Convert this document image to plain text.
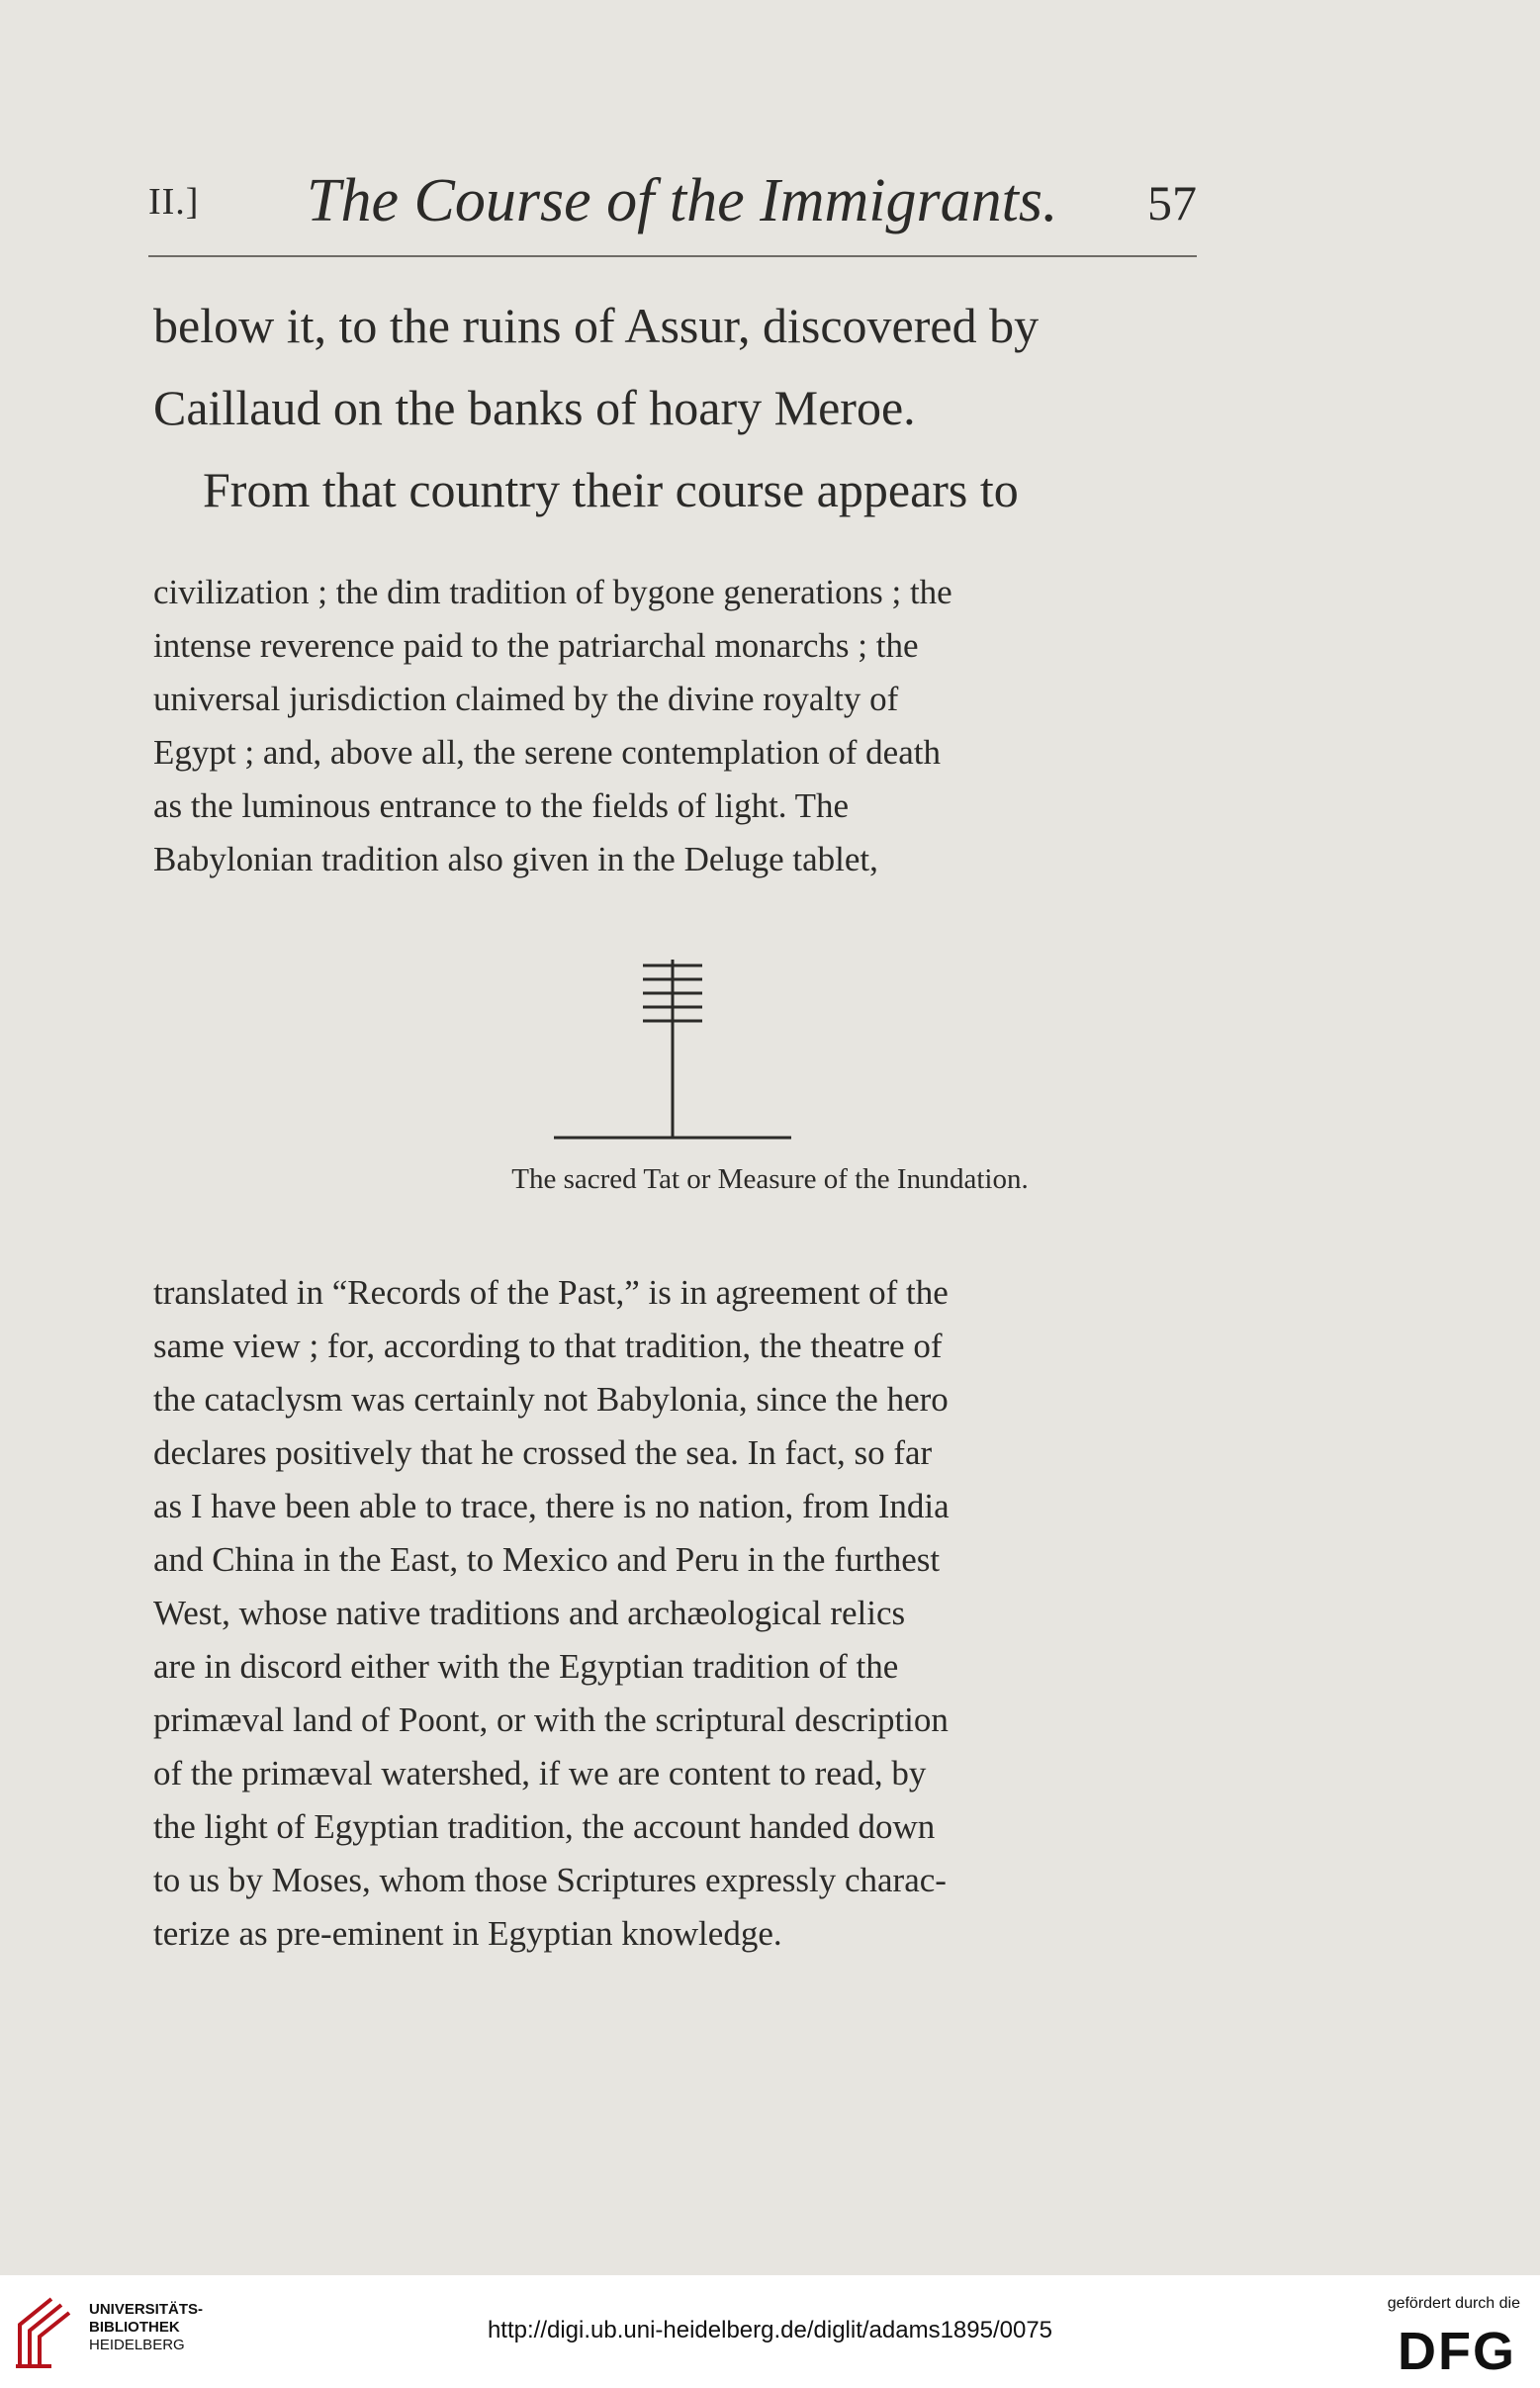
II.] The Course of the Immigrants. 57
below it, to the ruins of Assur, discovered by
Caillaud on the banks of hoary Meroe.
From that country their course appears to
civilization ; the dim tradition of bygone generations ; the
intense reverence paid to the patriarchal monarchs ; the
universal jurisdiction claimed by the divine royalty of
Egypt ; and, above all, the serene contemplation of death
as the luminous entrance to the fields of light. The
Babylonian tradition also given in the Deluge tablet,
The sacred Tat or Measure of the Inundation.
translated in “Records of the Past,” is in agreement of the
same view ; for, according to that tradition, the theatre of
the cataclysm was certainly not Babylonia, since the hero
declares positively that he crossed the sea. In fact, so far
as I have been able to trace, there is no nation, from India
and China in the East, to Mexico and Peru in the furthest
West, whose native traditions and archæological relics
are in discord either with the Egyptian tradition of the
primæval land of Poont, or with the scriptural description
of the primæval watershed, if we are content to read, by
the light of Egyptian tradition, the account handed down
to us by Moses, whom those Scriptures expressly charac-
terize as pre-eminent in Egyptian knowledge.
UNIVERSITÄTS-
BIBLIOTHEK
HEIDELBERG
http://digi.ub.uni-heidelberg.de/diglit/adams1895/0075
gefördert durch die
DFG
